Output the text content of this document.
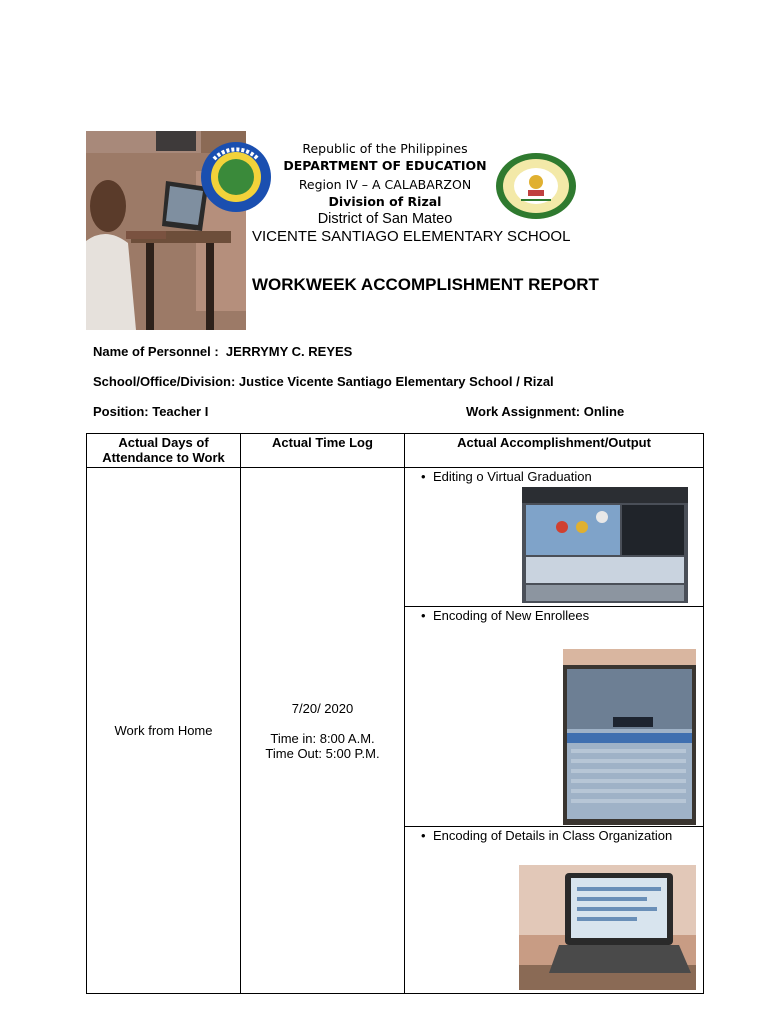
Republic of the Philippines
DEPARTMENT OF EDUCATION
Region IV – A CALABARZON
Division of Rizal
District of San Mateo
VICENTE SANTIAGO ELEMENTARY SCHOOL
WORKWEEK ACCOMPLISHMENT REPORT
Name of Personnel :  JERRYMY C. REYES
School/Office/Division: Justice Vicente Santiago Elementary School / Rizal
Position: Teacher I	Work Assignment: Online
Actual Days of Attendance to Work	Actual Time Log	Actual Accomplishment/Output
Work from Home	7/20/ 2020
Time in: 8:00 A.M.
Time Out: 5:00 P.M.	• Editing o Virtual Graduation

		• Encoding of New Enrollees

		• Encoding of Details in Class Organization
